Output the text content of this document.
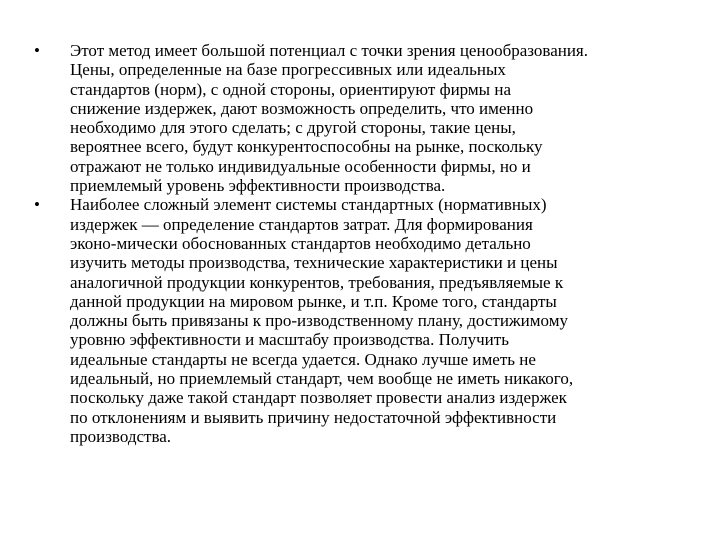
•	Этот метод имеет большой потенциал с точки зрения ценообразования.
Цены, определенные на базе прогрессивных или идеальных
стандартов (норм), с одной стороны, ориентируют фирмы на
снижение издержек, дают возможность определить, что именно
необходимо для этого сделать; с другой стороны, такие цены,
вероятнее всего, будут конкурентоспособны на рынке, поскольку
отражают не только индивидуальные особенности фирмы, но и
приемлемый уровень эффективности производства.
•	Наиболее сложный элемент системы стандартных (нормативных)
издержек — определение стандартов затрат. Для формирования
эконо-мически обоснованных стандартов необходимо детально
изучить методы производства, технические характеристики и цены
аналогичной продукции конкурентов, требования, предъявляемые к
данной продукции на мировом рынке, и т.п. Кроме того, стандарты
должны быть привязаны к про-изводственному плану, достижимому
уровню эффективности и масштабу производства. Получить
идеальные стандарты не всегда удается. Однако лучше иметь не
идеальный, но приемлемый стандарт, чем вообще не иметь никакого,
поскольку даже такой стандарт позволяет провести анализ издержек
по отклонениям и выявить причину недостаточной эффективности
производства.
